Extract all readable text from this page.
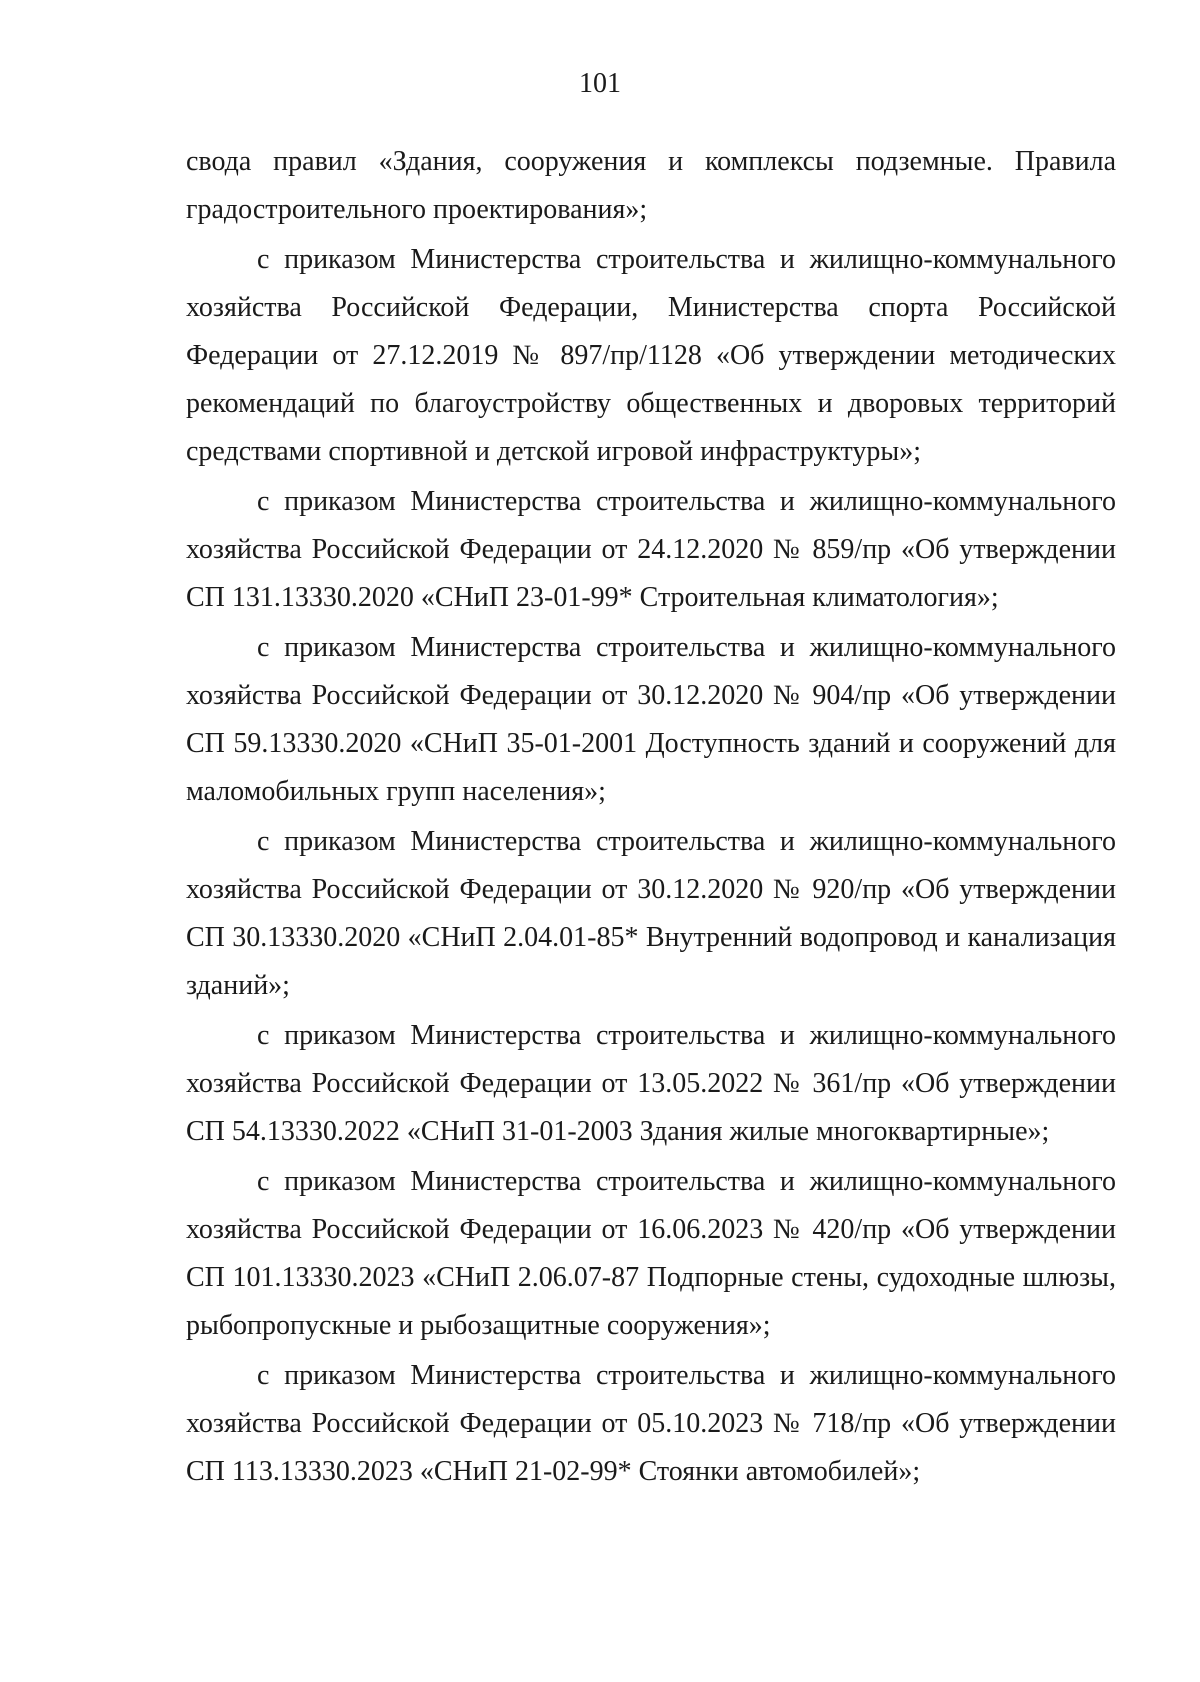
101

свода правил «Здания, сооружения и комплексы подземные. Правила градостроительного проектирования»;

с приказом Министерства строительства и жилищно-коммунального хозяйства Российской Федерации, Министерства спорта Российской Федерации от 27.12.2019 № 897/пр/1128 «Об утверждении методических рекомендаций по благоустройству общественных и дворовых территорий средствами спортивной и детской игровой инфраструктуры»;

с приказом Министерства строительства и жилищно-коммунального хозяйства Российской Федерации от 24.12.2020 № 859/пр «Об утверждении СП 131.13330.2020 «СНиП 23-01-99* Строительная климатология»;

с приказом Министерства строительства и жилищно-коммунального хозяйства Российской Федерации от 30.12.2020 № 904/пр «Об утверждении СП 59.13330.2020 «СНиП 35-01-2001 Доступность зданий и сооружений для маломобильных групп населения»;

с приказом Министерства строительства и жилищно-коммунального хозяйства Российской Федерации от 30.12.2020 № 920/пр «Об утверждении СП 30.13330.2020 «СНиП 2.04.01-85* Внутренний водопровод и канализация зданий»;

с приказом Министерства строительства и жилищно-коммунального хозяйства Российской Федерации от 13.05.2022 № 361/пр «Об утверждении СП 54.13330.2022 «СНиП 31-01-2003 Здания жилые многоквартирные»;

с приказом Министерства строительства и жилищно-коммунального хозяйства Российской Федерации от 16.06.2023 № 420/пр «Об утверждении СП 101.13330.2023 «СНиП 2.06.07-87 Подпорные стены, судоходные шлюзы, рыбопропускные и рыбозащитные сооружения»;

с приказом Министерства строительства и жилищно-коммунального хозяйства Российской Федерации от 05.10.2023 № 718/пр «Об утверждении СП 113.13330.2023 «СНиП 21-02-99* Стоянки автомобилей»;
